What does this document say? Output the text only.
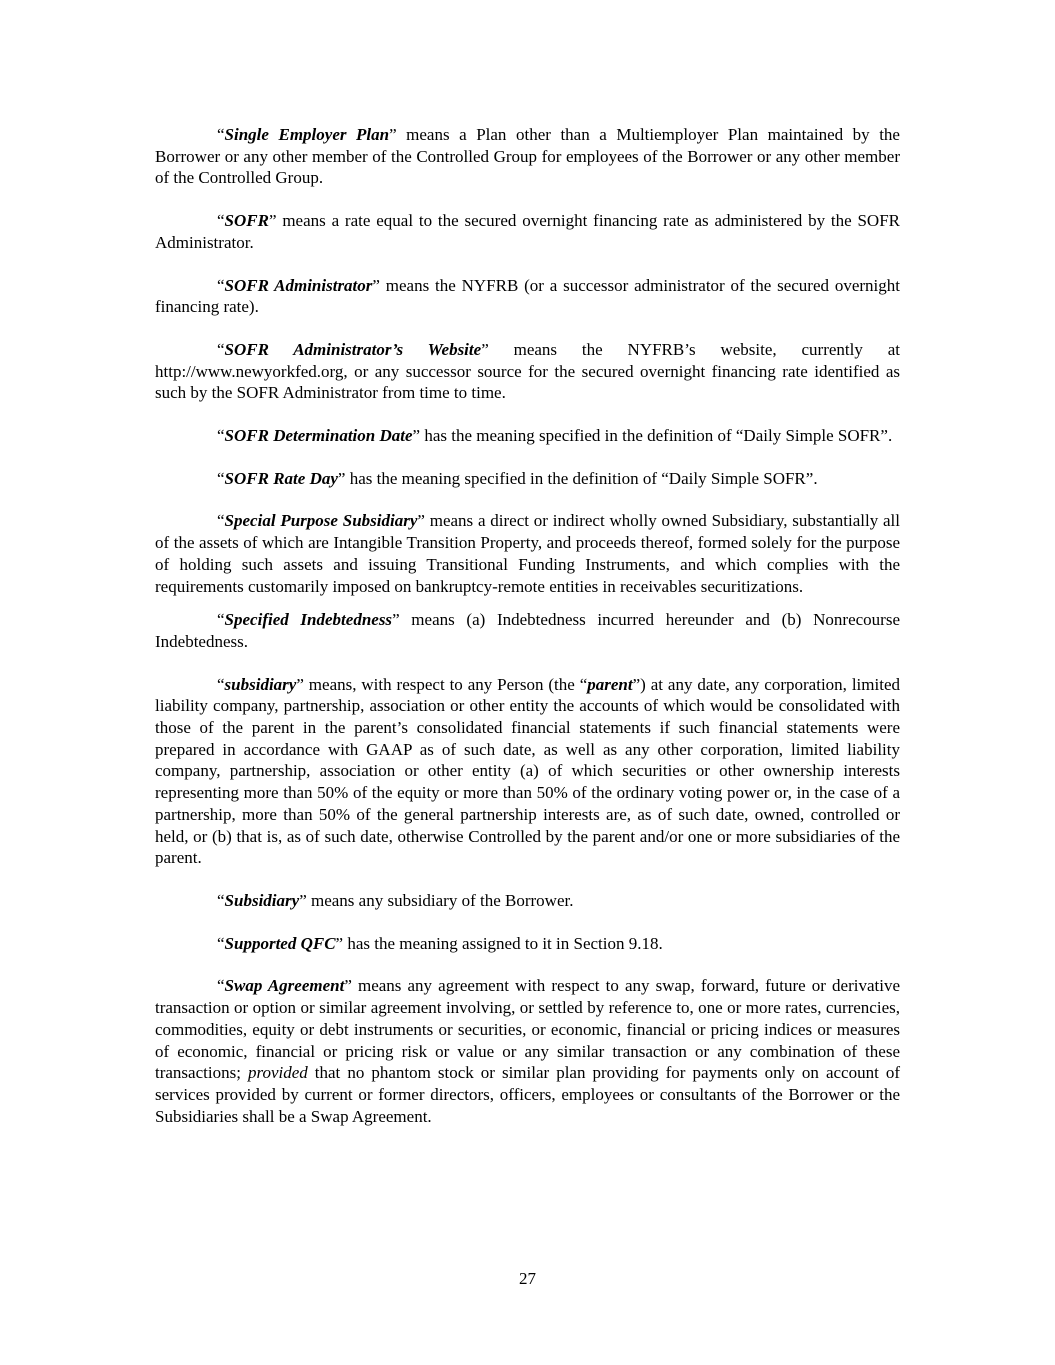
“Single Employer Plan” means a Plan other than a Multiemployer Plan maintained by the Borrower or any other member of the Controlled Group for employees of the Borrower or any other member of the Controlled Group.

“SOFR” means a rate equal to the secured overnight financing rate as administered by the SOFR Administrator.

“SOFR Administrator” means the NYFRB (or a successor administrator of the secured overnight financing rate).

“SOFR Administrator’s Website” means the NYFRB’s website, currently at http://www.newyorkfed.org, or any successor source for the secured overnight financing rate identified as such by the SOFR Administrator from time to time.

“SOFR Determination Date” has the meaning specified in the definition of “Daily Simple SOFR”.

“SOFR Rate Day” has the meaning specified in the definition of “Daily Simple SOFR”.

“Special Purpose Subsidiary” means a direct or indirect wholly owned Subsidiary, substantially all of the assets of which are Intangible Transition Property, and proceeds thereof, formed solely for the purpose of holding such assets and issuing Transitional Funding Instruments, and which complies with the requirements customarily imposed on bankruptcy-remote entities in receivables securitizations.

“Specified Indebtedness” means (a) Indebtedness incurred hereunder and (b) Nonrecourse Indebtedness.

“subsidiary” means, with respect to any Person (the “parent”) at any date, any corporation, limited liability company, partnership, association or other entity the accounts of which would be consolidated with those of the parent in the parent’s consolidated financial statements if such financial statements were prepared in accordance with GAAP as of such date, as well as any other corporation, limited liability company, partnership, association or other entity (a) of which securities or other ownership interests representing more than 50% of the equity or more than 50% of the ordinary voting power or, in the case of a partnership, more than 50% of the general partnership interests are, as of such date, owned, controlled or held, or (b) that is, as of such date, otherwise Controlled by the parent and/or one or more subsidiaries of the parent.

“Subsidiary” means any subsidiary of the Borrower.

“Supported QFC” has the meaning assigned to it in Section 9.18.

“Swap Agreement” means any agreement with respect to any swap, forward, future or derivative transaction or option or similar agreement involving, or settled by reference to, one or more rates, currencies, commodities, equity or debt instruments or securities, or economic, financial or pricing indices or measures of economic, financial or pricing risk or value or any similar transaction or any combination of these transactions; provided that no phantom stock or similar plan providing for payments only on account of services provided by current or former directors, officers, employees or consultants of the Borrower or the Subsidiaries shall be a Swap Agreement.

27
